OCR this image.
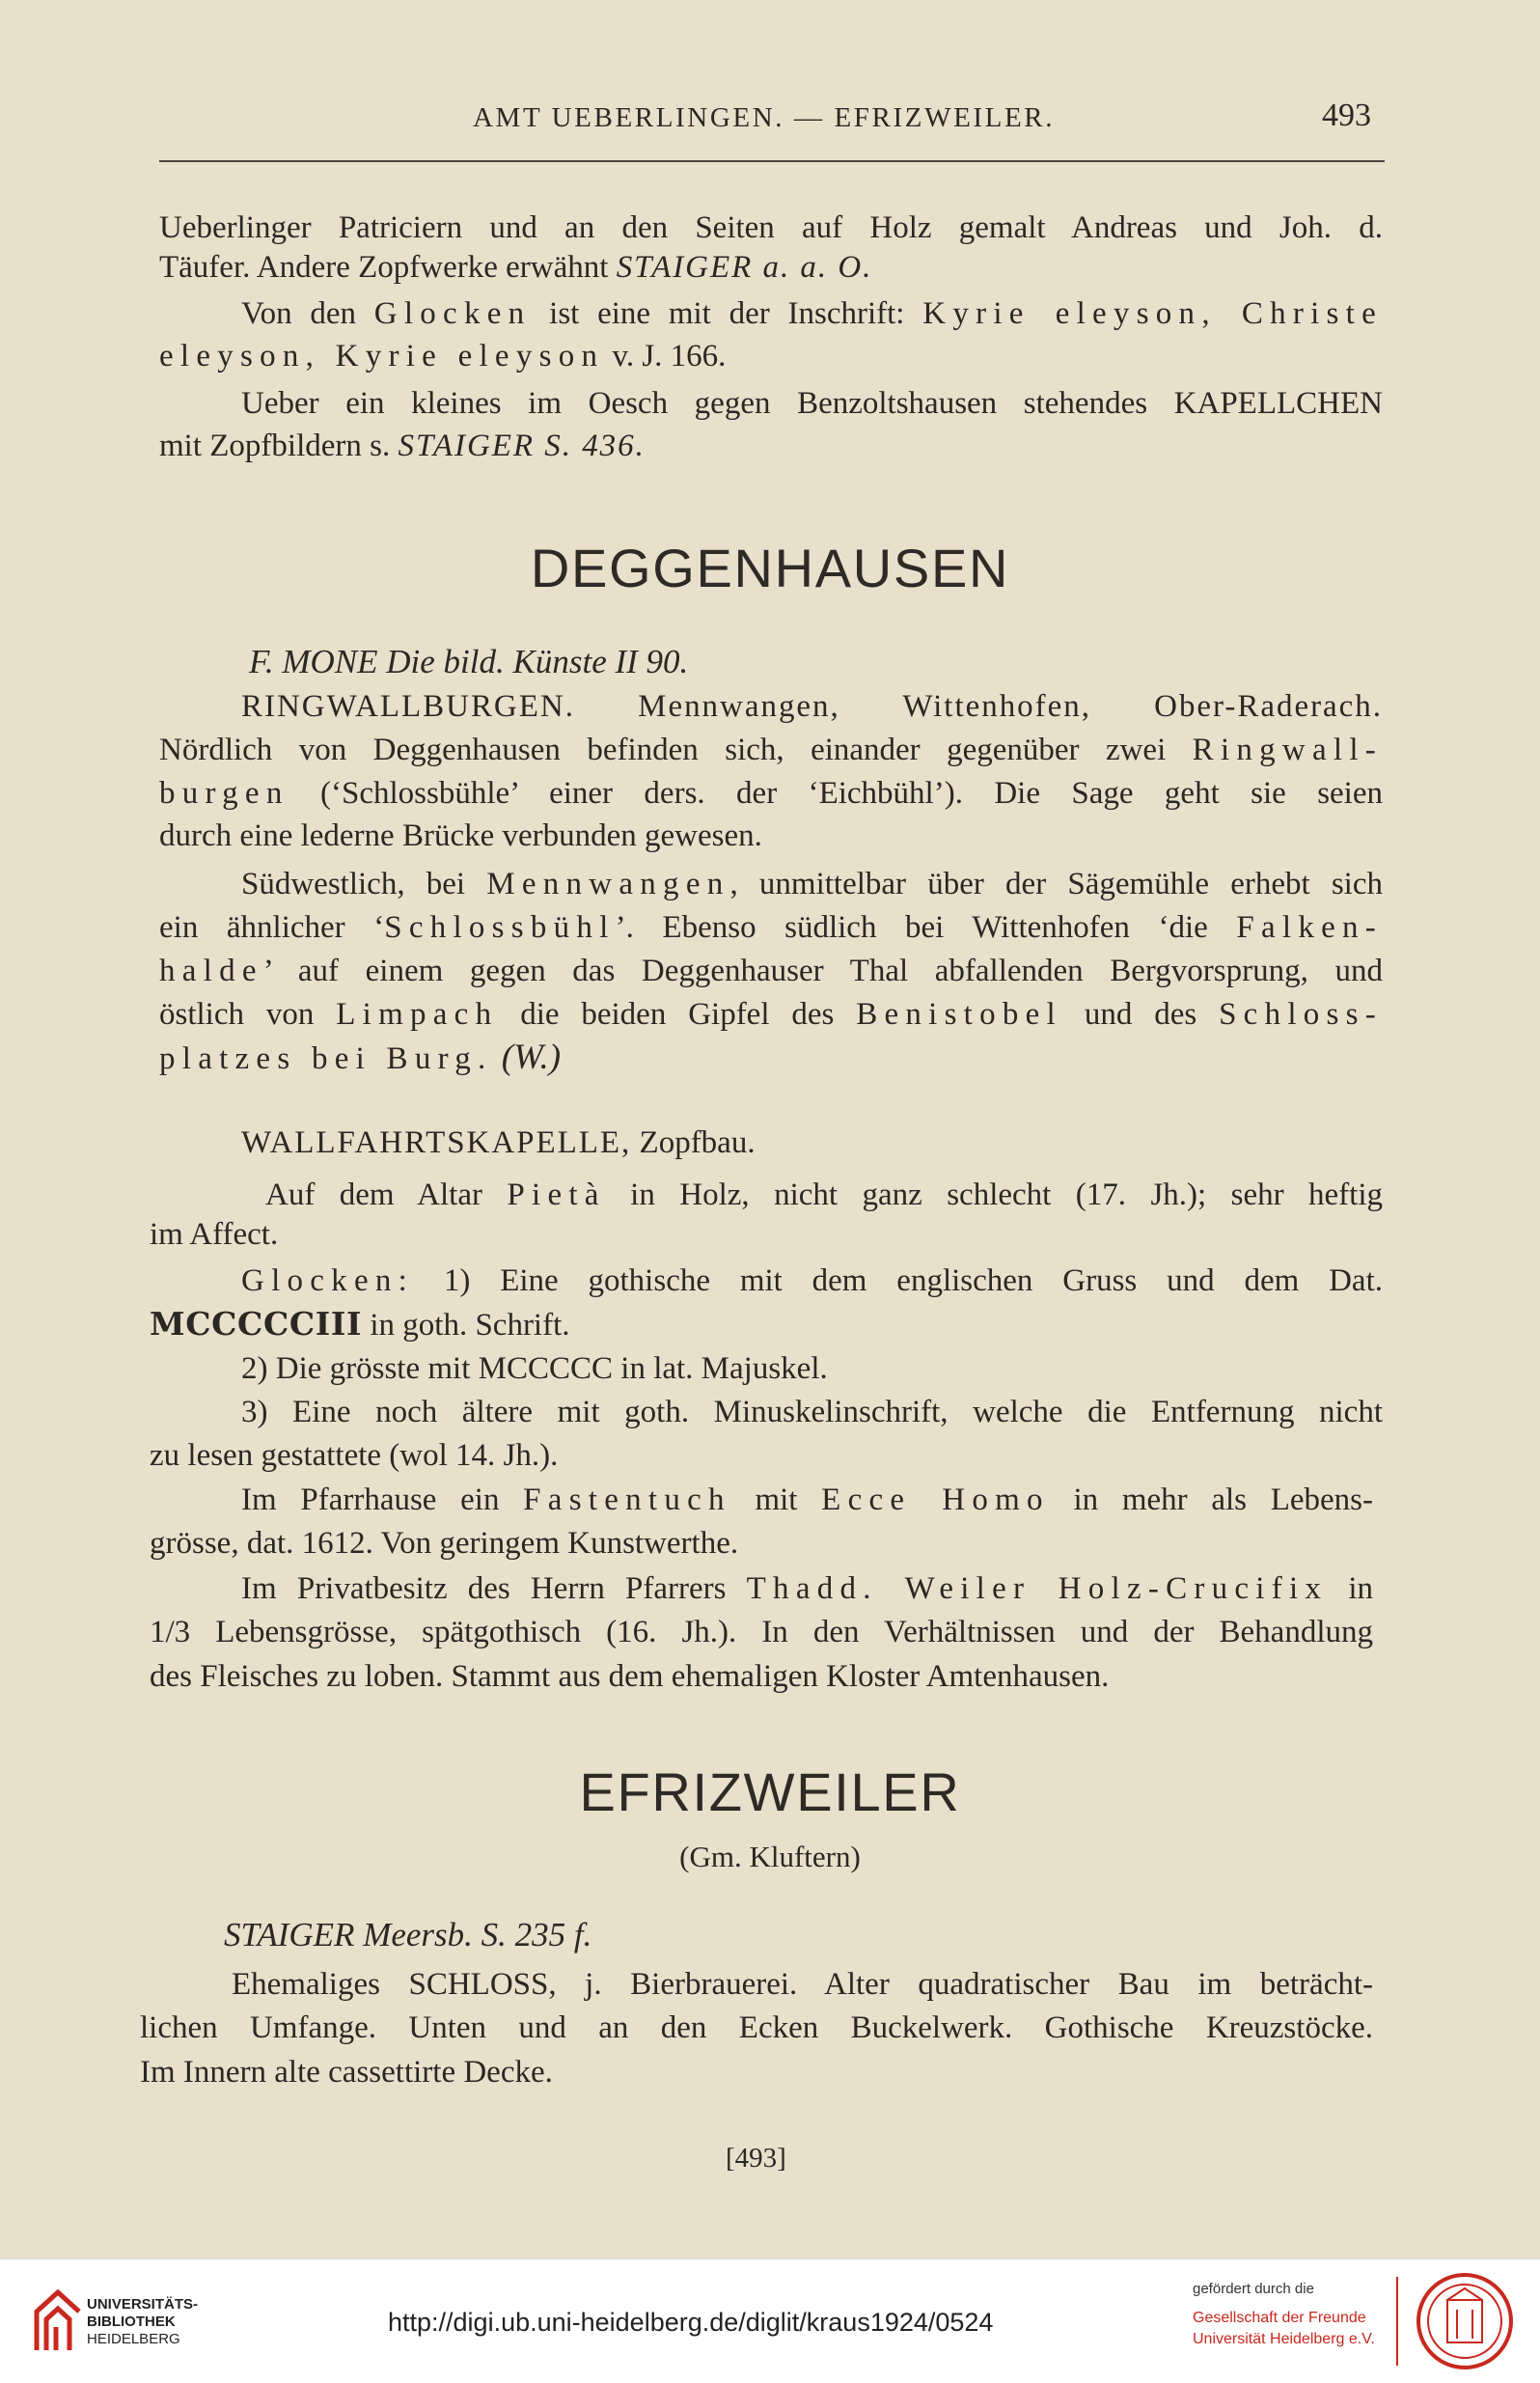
AMT UEBERLINGEN. — EFRIZWEILER.	493
Ueberlinger Patriciern und an den Seiten auf Holz gemalt Andreas und Joh. d.
Täufer. Andere Zopfwerke erwähnt STAIGER a. a. O.
Von den Glocken ist eine mit der Inschrift: Kyrie eleyson, Christe
eleyson, Kyrie eleyson v. J. 166.
Ueber ein kleines im Oesch gegen Benzoltshausen stehendes KAPELLCHEN
mit Zopfbildern s. STAIGER S. 436.
DEGGENHAUSEN
F. MONE Die bild. Künste II 90.
RINGWALLBURGEN. Mennwangen, Wittenhofen, Ober-Raderach.
Nördlich von Deggenhausen befinden sich, einander gegenüber zwei Ringwall-
burgen (‘Schlossbühle’ einer ders. der ‘Eichbühl’). Die Sage geht sie seien
durch eine lederne Brücke verbunden gewesen.
Südwestlich, bei Mennwangen, unmittelbar über der Sägemühle erhebt sich
ein ähnlicher ‘Schlossbühl’. Ebenso südlich bei Wittenhofen ‘die Falken-
halde’ auf einem gegen das Deggenhauser Thal abfallenden Bergvorsprung, und
östlich von Limpach die beiden Gipfel des Benistobel und des Schloss-
platzes bei Burg. (W.)
WALLFAHRTSKAPELLE, Zopfbau.
Auf dem Altar Pietà in Holz, nicht ganz schlecht (17. Jh.); sehr heftig
im Affect.
Glocken: 1) Eine gothische mit dem englischen Gruss und dem Dat.
MCCCCCIII in goth. Schrift.
2) Die grösste mit MCCCCC in lat. Majuskel.
3) Eine noch ältere mit goth. Minuskelinschrift, welche die Entfernung nicht
zu lesen gestattete (wol 14. Jh.).
Im Pfarrhause ein Fastentuch mit Ecce Homo in mehr als Lebens-
grösse, dat. 1612. Von geringem Kunstwerthe.
Im Privatbesitz des Herrn Pfarrers Thadd. Weiler Holz-Crucifix in
1/3 Lebensgrösse, spätgothisch (16. Jh.). In den Verhältnissen und der Behandlung
des Fleisches zu loben. Stammt aus dem ehemaligen Kloster Amtenhausen.
EFRIZWEILER
(Gm. Kluftern)
STAIGER Meersb. S. 235 f.
Ehemaliges SCHLOSS, j. Bierbrauerei. Alter quadratischer Bau im beträcht-
lichen Umfange. Unten und an den Ecken Buckelwerk. Gothische Kreuzstöcke.
Im Innern alte cassettirte Decke.
[493]
UNIVERSITÄTS-
BIBLIOTHEK
HEIDELBERG
http://digi.ub.uni-heidelberg.de/diglit/kraus1924/0524
gefördert durch die
Gesellschaft der Freunde
Universität Heidelberg e.V.
